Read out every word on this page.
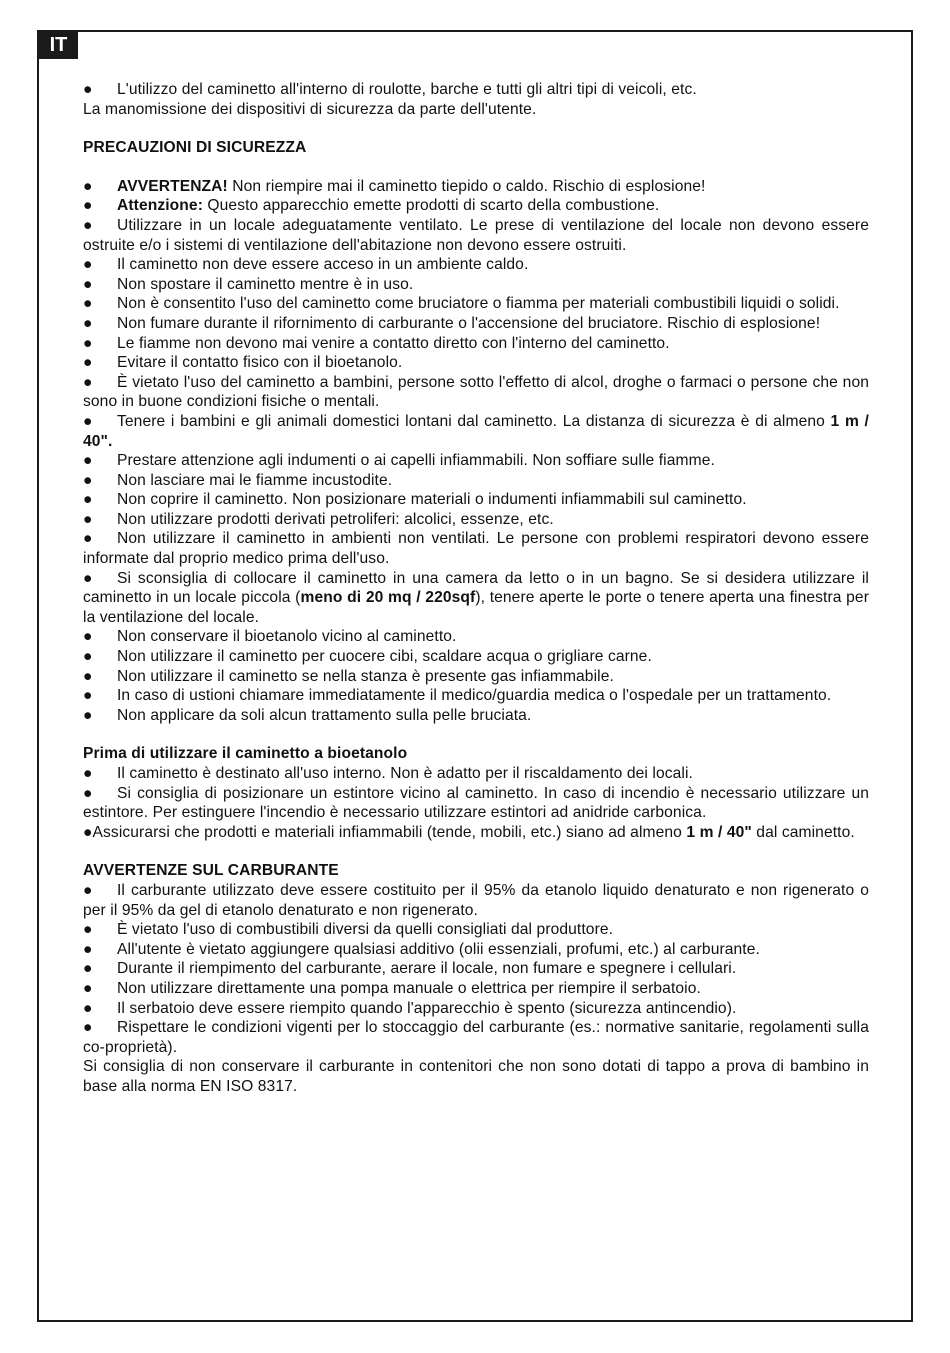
IT

● L'utilizzo del caminetto all'interno di roulotte, barche e tutti gli altri tipi di veicoli, etc.

La manomissione dei dispositivi di sicurezza da parte dell'utente.

PRECAUZIONI DI SICUREZZA

● AVVERTENZA! Non riempire mai il caminetto tiepido o caldo. Rischio di esplosione!

● Attenzione: Questo apparecchio emette prodotti di scarto della combustione.

● Utilizzare in un locale adeguatamente ventilato. Le prese di ventilazione del locale non devono essere ostruite e/o i sistemi di ventilazione dell'abitazione non devono essere ostruiti.

● Il caminetto non deve essere acceso in un ambiente caldo.

● Non spostare il caminetto mentre è in uso.

● Non è consentito l'uso del caminetto come bruciatore o fiamma per materiali combustibili liquidi o solidi.

● Non fumare durante il rifornimento di carburante o l'accensione del bruciatore. Rischio di esplosione!

● Le fiamme non devono mai venire a contatto diretto con l'interno del caminetto.

● Evitare il contatto fisico con il bioetanolo.

● È vietato l'uso del caminetto a bambini, persone sotto l'effetto di alcol, droghe o farmaci o persone che non sono in buone condizioni fisiche o mentali.

● Tenere i bambini e gli animali domestici lontani dal caminetto. La distanza di sicurezza è di almeno 1 m / 40".

● Prestare attenzione agli indumenti o ai capelli infiammabili. Non soffiare sulle fiamme.

● Non lasciare mai le fiamme incustodite.

● Non coprire il caminetto. Non posizionare materiali o indumenti infiammabili sul caminetto.

● Non utilizzare prodotti derivati petroliferi: alcolici, essenze, etc.

● Non utilizzare il caminetto in ambienti non ventilati. Le persone con problemi respiratori devono essere informate dal proprio medico prima dell'uso.

● Si sconsiglia di collocare il caminetto in una camera da letto o in un bagno. Se si desidera utilizzare il caminetto in un locale piccola (meno di 20 mq / 220sqf), tenere aperte le porte o tenere aperta una finestra per la ventilazione del locale.

● Non conservare il bioetanolo vicino al caminetto.

● Non utilizzare il caminetto per cuocere cibi, scaldare acqua o grigliare carne.

● Non utilizzare il caminetto se nella stanza è presente gas infiammabile.

● In caso di ustioni chiamare immediatamente il medico/guardia medica o l'ospedale per un trattamento.

● Non applicare da soli alcun trattamento sulla pelle bruciata.

Prima di utilizzare il caminetto a bioetanolo

● Il caminetto è destinato all'uso interno. Non è adatto per il riscaldamento dei locali.

● Si consiglia di posizionare un estintore vicino al caminetto. In caso di incendio è necessario utilizzare un estintore. Per estinguere l'incendio è necessario utilizzare estintori ad anidride carbonica.

●Assicurarsi che prodotti e materiali infiammabili (tende, mobili, etc.) siano ad almeno 1 m / 40" dal caminetto.

AVVERTENZE SUL CARBURANTE

● Il carburante utilizzato deve essere costituito per il 95% da etanolo liquido denaturato e non rigenerato o per il 95% da gel di etanolo denaturato e non rigenerato.

● È vietato l'uso di combustibili diversi da quelli consigliati dal produttore.

● All'utente è vietato aggiungere qualsiasi additivo (olii essenziali, profumi, etc.) al carburante.

● Durante il riempimento del carburante, aerare il locale, non fumare e spegnere i cellulari.

● Non utilizzare direttamente una pompa manuale o elettrica per riempire il serbatoio.

● Il serbatoio deve essere riempito quando l'apparecchio è spento (sicurezza antincendio).

● Rispettare le condizioni vigenti per lo stoccaggio del carburante (es.: normative sanitarie, regolamenti sulla co-proprietà).

Si consiglia di non conservare il carburante in contenitori che non sono dotati di tappo a prova di bambino in base alla norma EN ISO 8317.
